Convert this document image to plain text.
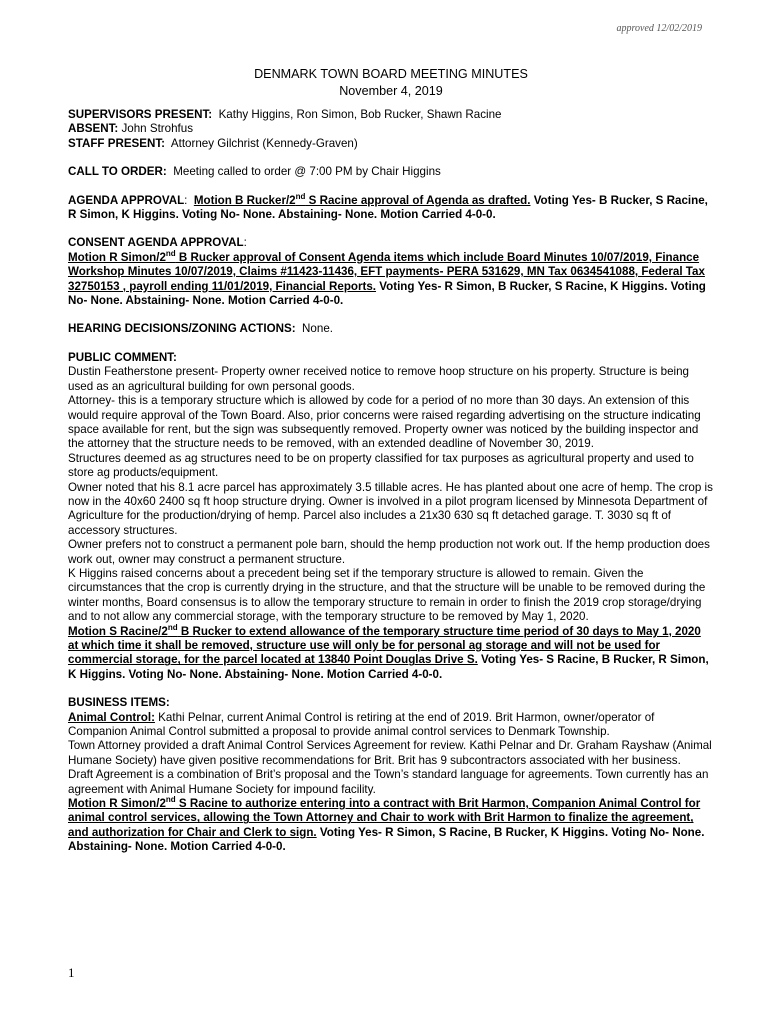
approved 12/02/2019

DENMARK TOWN BOARD MEETING MINUTES

November 4, 2019

SUPERVISORS PRESENT: Kathy Higgins, Ron Simon, Bob Rucker, Shawn Racine

ABSENT: John Strohfus

STAFF PRESENT: Attorney Gilchrist (Kennedy-Graven)

CALL TO ORDER: Meeting called to order @ 7:00 PM by Chair Higgins

AGENDA APPROVAL:  Motion B Rucker/2nd S Racine approval of Agenda as drafted. Voting Yes- B Rucker, S Racine, R Simon, K Higgins. Voting No- None. Abstaining- None. Motion Carried 4-0-0.

CONSENT AGENDA APPROVAL:

Motion R Simon/2nd B Rucker approval of Consent Agenda items which include Board Minutes 10/07/2019, Finance Workshop Minutes 10/07/2019, Claims #11423-11436, EFT payments- PERA 531629, MN Tax 0634541088, Federal Tax 32750153 , payroll ending 11/01/2019, Financial Reports. Voting Yes- R Simon, B Rucker, S Racine, K Higgins. Voting No- None. Abstaining- None. Motion Carried 4-0-0.

HEARING DECISIONS/ZONING ACTIONS: None.

PUBLIC COMMENT:

Dustin Featherstone present- Property owner received notice to remove hoop structure on his property. Structure is being used as an agricultural building for own personal goods.

Attorney- this is a temporary structure which is allowed by code for a period of no more than 30 days. An extension of this would require approval of the Town Board. Also, prior concerns were raised regarding advertising on the structure indicating space available for rent, but the sign was subsequently removed. Property owner was noticed by the building inspector and the attorney that the structure needs to be removed, with an extended deadline of November 30, 2019.

Structures deemed as ag structures need to be on property classified for tax purposes as agricultural property and used to store ag products/equipment.

Owner noted that his 8.1 acre parcel has approximately 3.5 tillable acres. He has planted about one acre of hemp. The crop is now in the 40x60 2400 sq ft hoop structure drying. Owner is involved in a pilot program licensed by Minnesota Department of Agriculture for the production/drying of hemp. Parcel also includes a 21x30 630 sq ft detached garage. T. 3030 sq ft of accessory structures.

Owner prefers not to construct a permanent pole barn, should the hemp production not work out. If the hemp production does work out, owner may construct a permanent structure.

K Higgins raised concerns about a precedent being set if the temporary structure is allowed to remain. Given the circumstances that the crop is currently drying in the structure, and that the structure will be unable to be removed during the winter months, Board consensus is to allow the temporary structure to remain in order to finish the 2019 crop storage/drying and to not allow any commercial storage, with the temporary structure to be removed by May 1, 2020.

Motion S Racine/2nd B Rucker to extend allowance of the temporary structure time period of 30 days to May 1, 2020 at which time it shall be removed, structure use will only be for personal ag storage and will not be used for commercial storage, for the parcel located at 13840 Point Douglas Drive S. Voting Yes- S Racine, B Rucker, R Simon, K Higgins. Voting No- None. Abstaining- None. Motion Carried 4-0-0.

BUSINESS ITEMS:

Animal Control: Kathi Pelnar, current Animal Control is retiring at the end of 2019. Brit Harmon, owner/operator of Companion Animal Control submitted a proposal to provide animal control services to Denmark Township.

Town Attorney provided a draft Animal Control Services Agreement for review. Kathi Pelnar and Dr. Graham Rayshaw (Animal Humane Society) have given positive recommendations for Brit. Brit has 9 subcontractors associated with her business.

Draft Agreement is a combination of Brit’s proposal and the Town’s standard language for agreements. Town currently has an agreement with Animal Humane Society for impound facility.

Motion R Simon/2nd S Racine to authorize entering into a contract with Brit Harmon, Companion Animal Control for animal control services, allowing the Town Attorney and Chair to work with Brit Harmon to finalize the agreement, and authorization for Chair and Clerk to sign. Voting Yes- R Simon, S Racine, B Rucker, K Higgins. Voting No- None. Abstaining- None. Motion Carried 4-0-0.

1
